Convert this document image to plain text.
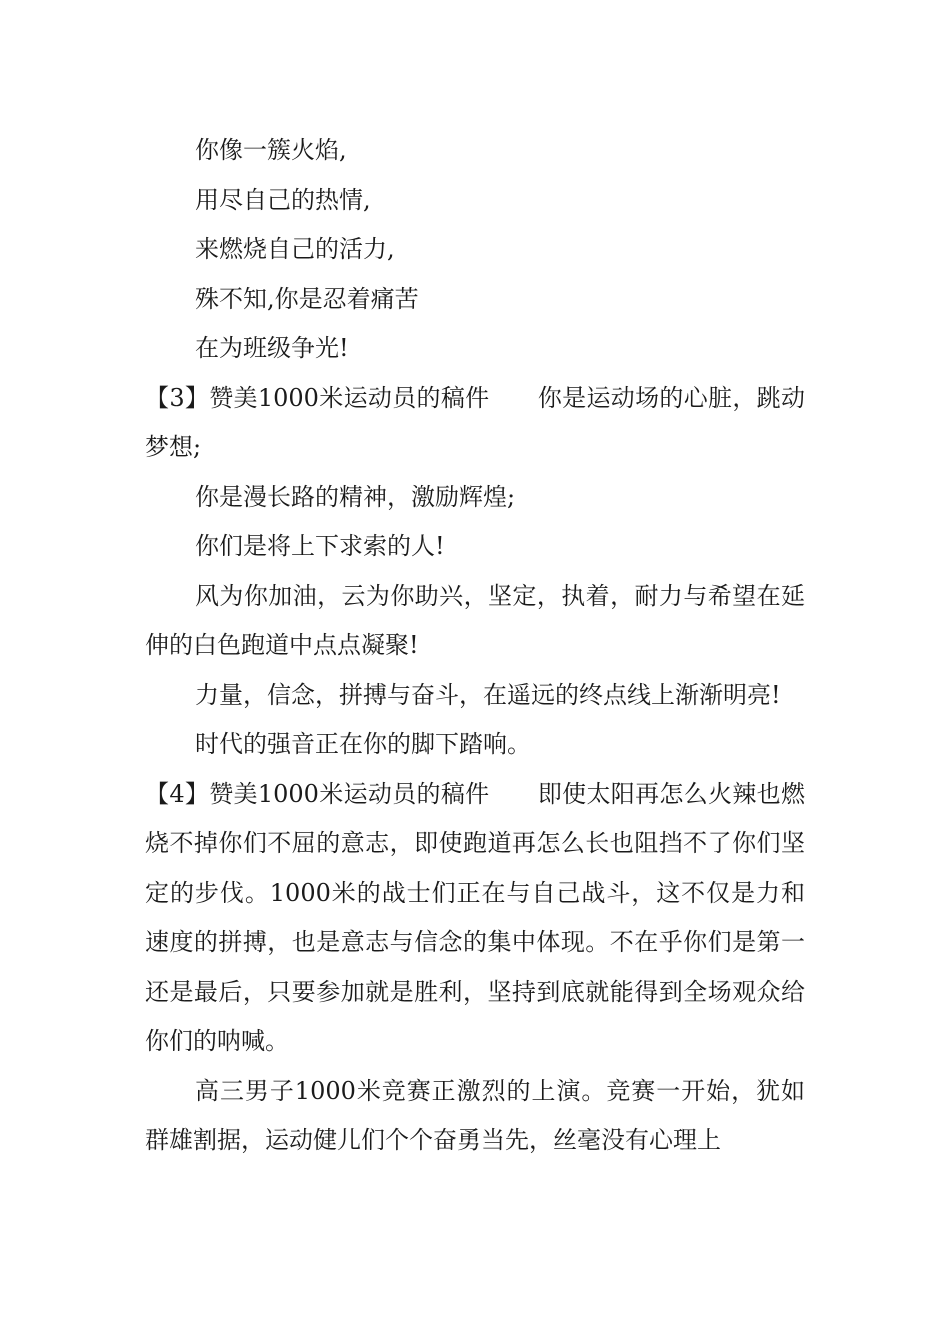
你像一簇火焰,

用尽自己的热情,

来燃烧自己的活力,

殊不知,你是忍着痛苦

在为班级争光!

【3】赞美1000米运动员的稿件 你是运动场的心脏，跳动梦想;

你是漫长路的精神，激励辉煌;

你们是将上下求索的人!

风为你加油，云为你助兴，坚定，执着，耐力与希望在延伸的白色跑道中点点凝聚!

力量，信念，拼搏与奋斗，在遥远的终点线上渐渐明亮!

时代的强音正在你的脚下踏响。

【4】赞美1000米运动员的稿件 即使太阳再怎么火辣也燃烧不掉你们不屈的意志，即使跑道再怎么长也阻挡不了你们坚定的步伐。1000米的战士们正在与自己战斗，这不仅是力和速度的拼搏，也是意志与信念的集中体现。不在乎你们是第一还是最后，只要参加就是胜利，坚持到底就能得到全场观众给你们的呐喊。

高三男子1000米竞赛正激烈的上演。竞赛一开始，犹如群雄割据，运动健儿们个个奋勇当先，丝毫没有心理上
